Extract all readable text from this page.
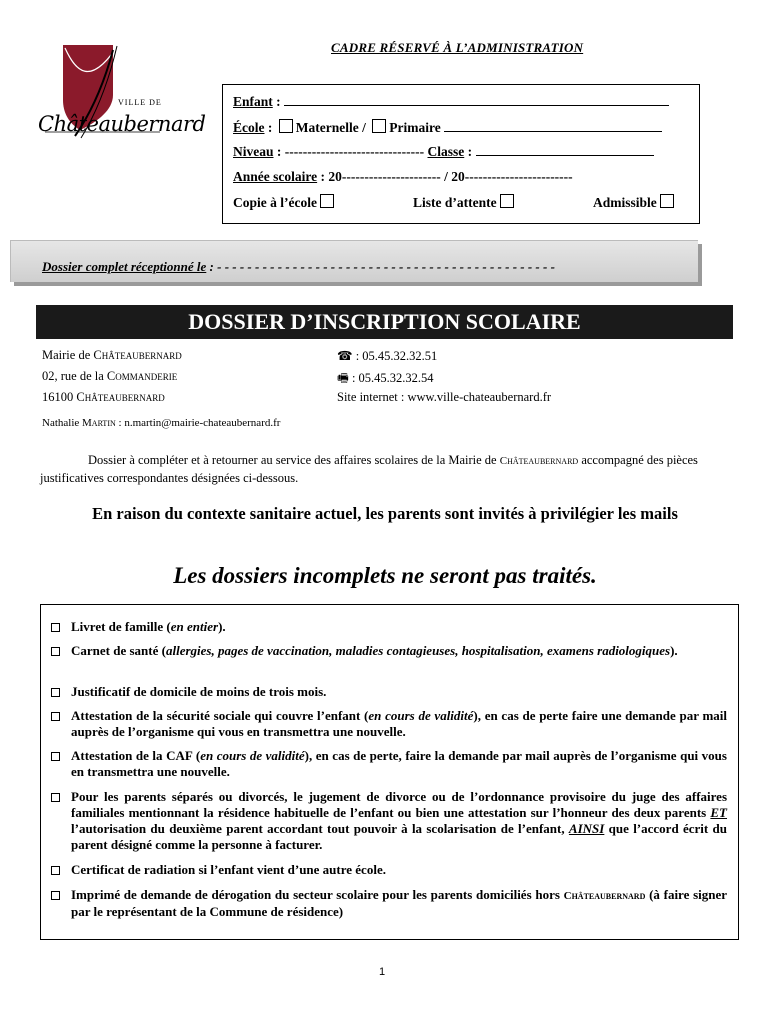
VILLE DE
Châteaubernard
CADRE RÉSERVÉ À L’ADMINISTRATION
Enfant :
École : Maternelle / Primaire
Niveau : ------------------------------- Classe :
Année scolaire : 20---------------------- / 20------------------------
Copie à l’école	Liste d’attente	Admissible
Dossier complet réceptionné le : - - - - - - - - - - - - - - - - - - - - - - - - - - - - - - - - - - - - - - - - - - - - -
DOSSIER D’INSCRIPTION SCOLAIRE
Mairie de Châteaubernard
02, rue de la Commanderie
16100 Châteaubernard
☎ : 05.45.32.32.51
🖷 : 05.45.32.32.54
Site internet : www.ville-chateaubernard.fr
Nathalie Martin : n.martin@mairie-chateaubernard.fr
Dossier à compléter et à retourner au service des affaires scolaires de la Mairie de Châteaubernard accompagné des pièces justificatives correspondantes désignées ci-dessous.
En raison du contexte sanitaire actuel, les parents sont invités à privilégier les mails
Les dossiers incomplets ne seront pas traités.
Livret de famille (en entier).
Carnet de santé (allergies, pages de vaccination, maladies contagieuses, hospitalisation, examens radiologiques).
Justificatif de domicile de moins de trois mois.
Attestation de la sécurité sociale qui couvre l’enfant (en cours de validité), en cas de perte faire une demande par mail auprès de l’organisme qui vous en transmettra une nouvelle.
Attestation de la CAF (en cours de validité), en cas de perte, faire la demande par mail auprès de l’organisme qui vous en transmettra une nouvelle.
Pour les parents séparés ou divorcés, le jugement de divorce ou de l’ordonnance provisoire du juge des affaires familiales mentionnant la résidence habituelle de l’enfant ou bien une attestation sur l’honneur des deux parents ET l’autorisation du deuxième parent accordant tout pouvoir à la scolarisation de l’enfant, AINSI que l’accord écrit du parent désigné comme la personne à facturer.
Certificat de radiation si l’enfant vient d’une autre école.
Imprimé de demande de dérogation du secteur scolaire pour les parents domiciliés hors Châteaubernard (à faire signer par le représentant de la Commune de résidence)
1
